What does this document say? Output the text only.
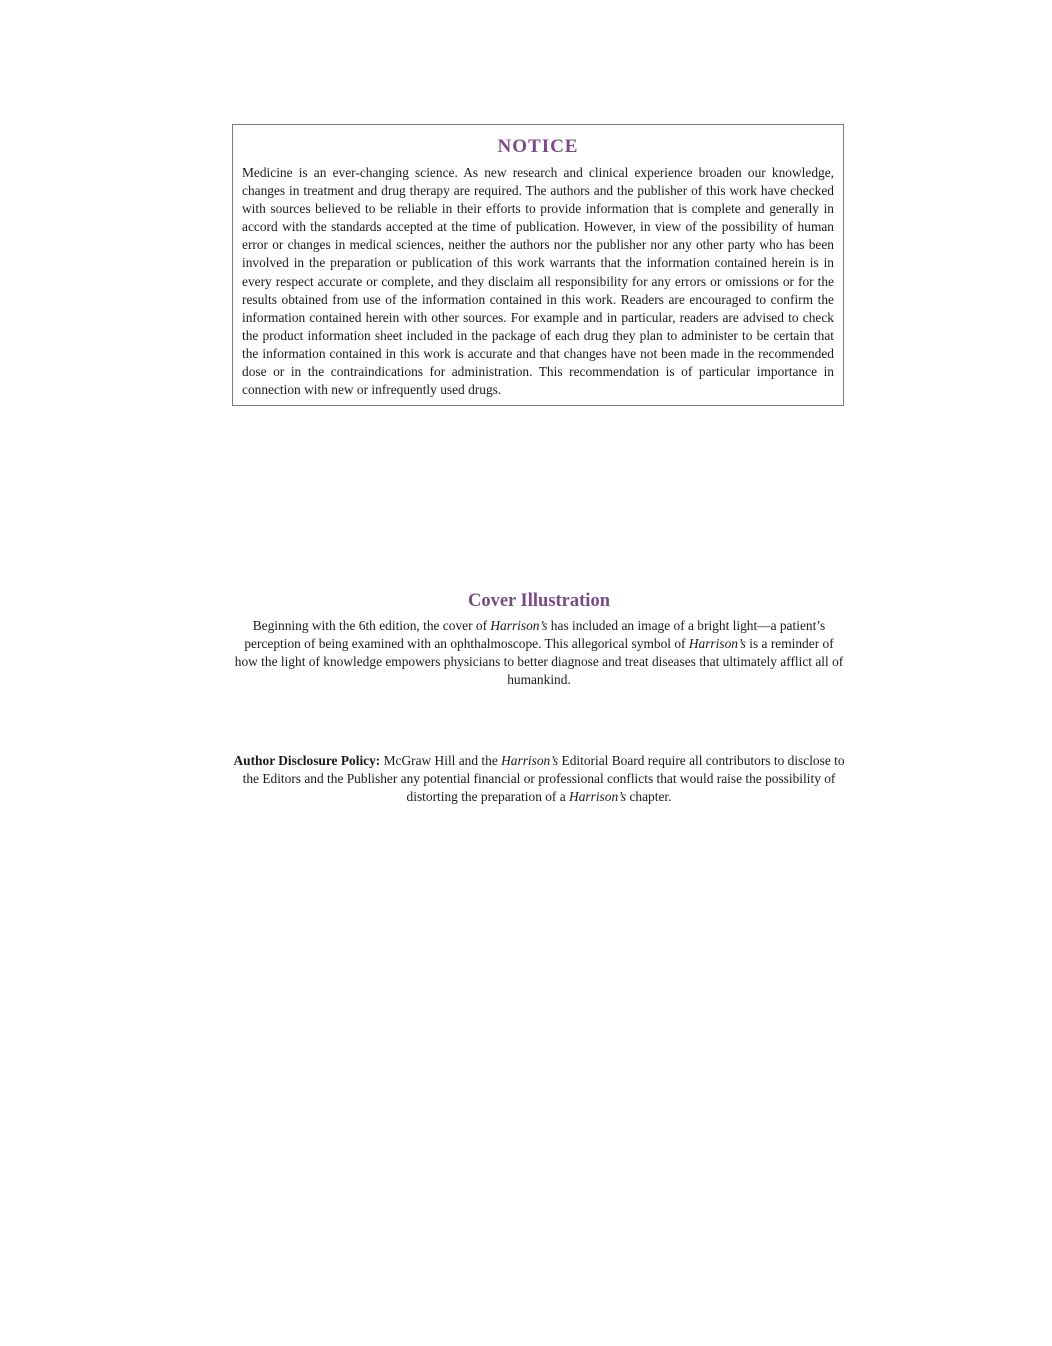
NOTICE

Medicine is an ever-changing science. As new research and clinical experience broaden our knowledge, changes in treatment and drug therapy are required. The authors and the publisher of this work have checked with sources believed to be reliable in their efforts to provide information that is complete and generally in accord with the standards accepted at the time of publication. However, in view of the possibility of human error or changes in medical sciences, neither the authors nor the publisher nor any other party who has been involved in the preparation or publication of this work warrants that the information contained herein is in every respect accurate or complete, and they disclaim all responsibility for any errors or omissions or for the results obtained from use of the information contained in this work. Readers are encouraged to confirm the information contained herein with other sources. For example and in particular, readers are advised to check the product information sheet included in the package of each drug they plan to administer to be certain that the information contained in this work is accurate and that changes have not been made in the recommended dose or in the contraindications for administration. This recommendation is of particular importance in connection with new or infrequently used drugs.

Cover Illustration

Beginning with the 6th edition, the cover of Harrison’s has included an image of a bright light—a patient’s perception of being examined with an ophthalmoscope. This allegorical symbol of Harrison’s is a reminder of how the light of knowledge empowers physicians to better diagnose and treat diseases that ultimately afflict all of humankind.

Author Disclosure Policy: McGraw Hill and the Harrison’s Editorial Board require all contributors to disclose to the Editors and the Publisher any potential financial or professional conflicts that would raise the possibility of distorting the preparation of a Harrison’s chapter.
